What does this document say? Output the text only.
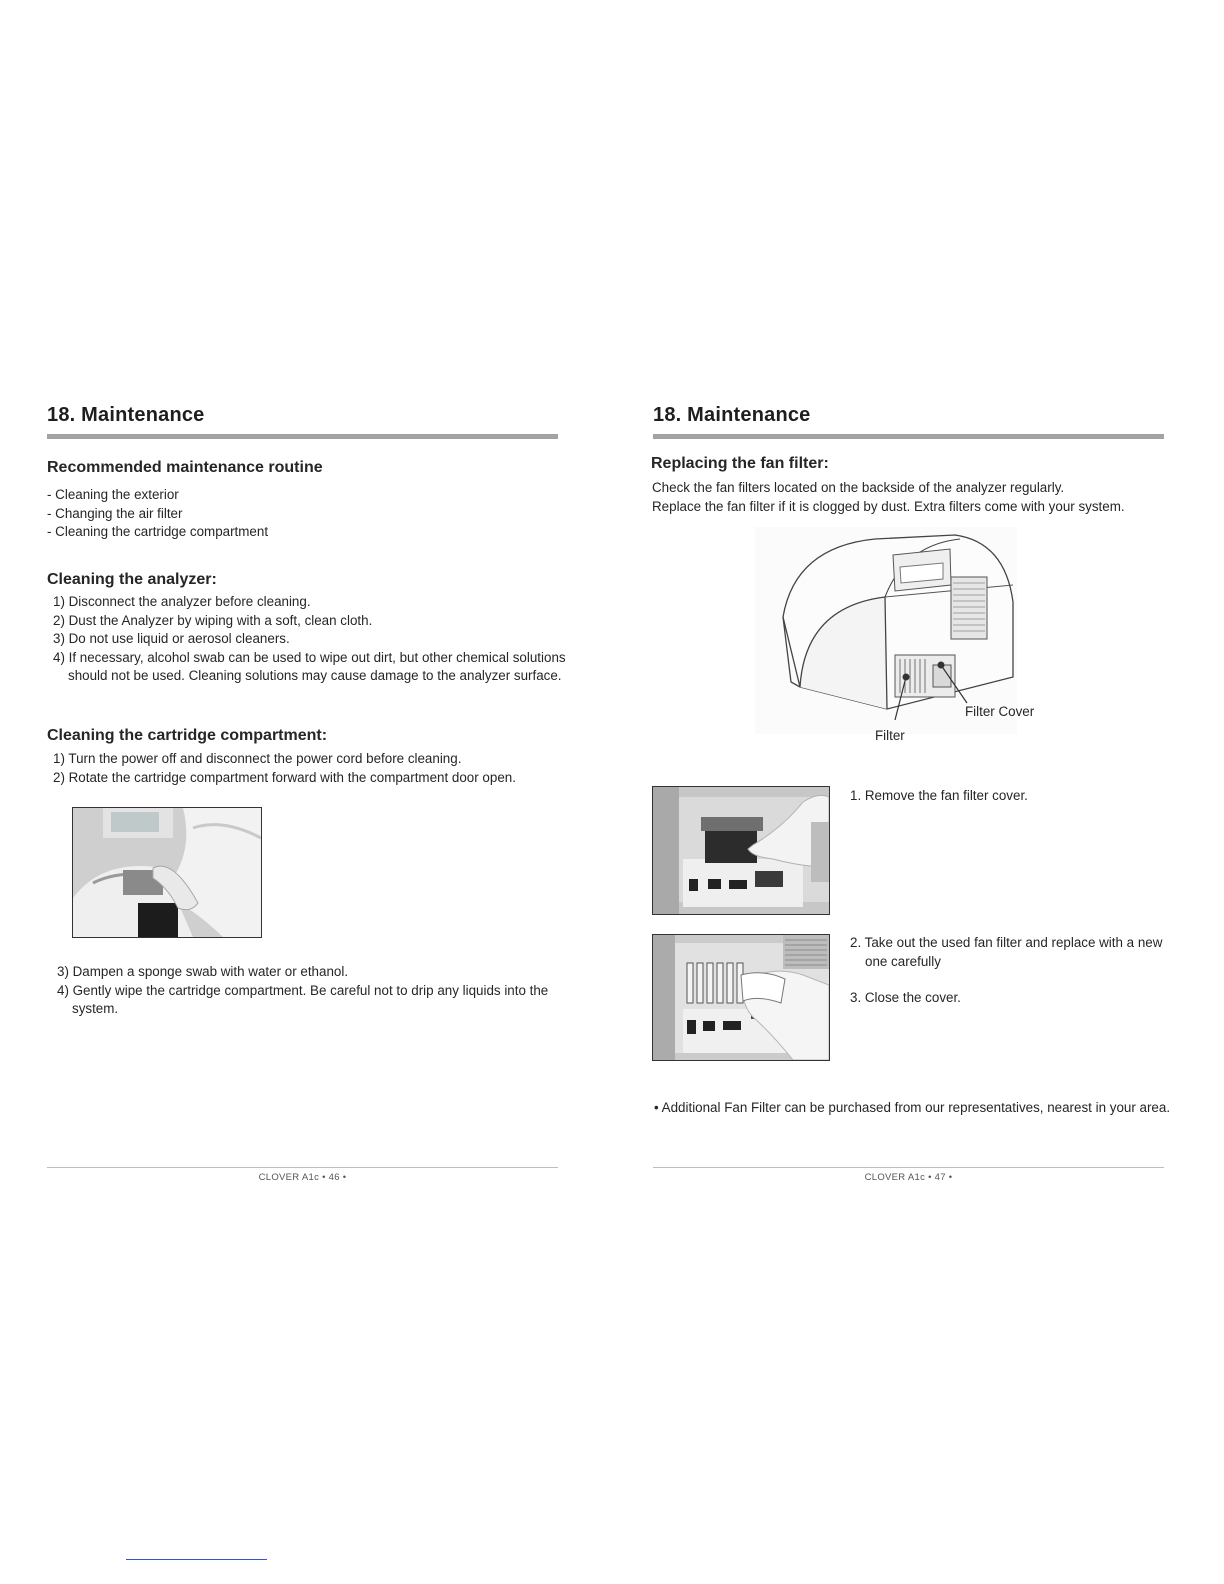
18. Maintenance
Recommended maintenance routine
- Cleaning the exterior
- Changing the air filter
- Cleaning the cartridge compartment
Cleaning the analyzer:
1) Disconnect the analyzer before cleaning.
2) Dust the Analyzer by wiping with a soft, clean cloth.
3) Do not use liquid or aerosol cleaners.
4) If necessary, alcohol swab can be used to wipe out dirt, but other chemical solutions
should not be used. Cleaning solutions may cause damage to the analyzer surface.
Cleaning the cartridge compartment:
1) Turn the power off and disconnect the power cord before cleaning.
2) Rotate the cartridge compartment forward with the compartment door open.
3) Dampen a sponge swab with water or ethanol.
4) Gently wipe the cartridge compartment. Be careful not to drip any liquids into the
system.
CLOVER A1c • 46 •
18. Maintenance
Replacing the fan filter:
Check the fan filters located on the backside of the analyzer regularly.
Replace the fan filter if it is clogged by dust. Extra filters come with your system.
Filter Cover
Filter
1. Remove the fan filter cover.
2. Take out the used fan filter and replace with a new
one carefully
3. Close the cover.
• Additional Fan Filter can be purchased from our representatives, nearest in your area.
CLOVER A1c • 47 •
